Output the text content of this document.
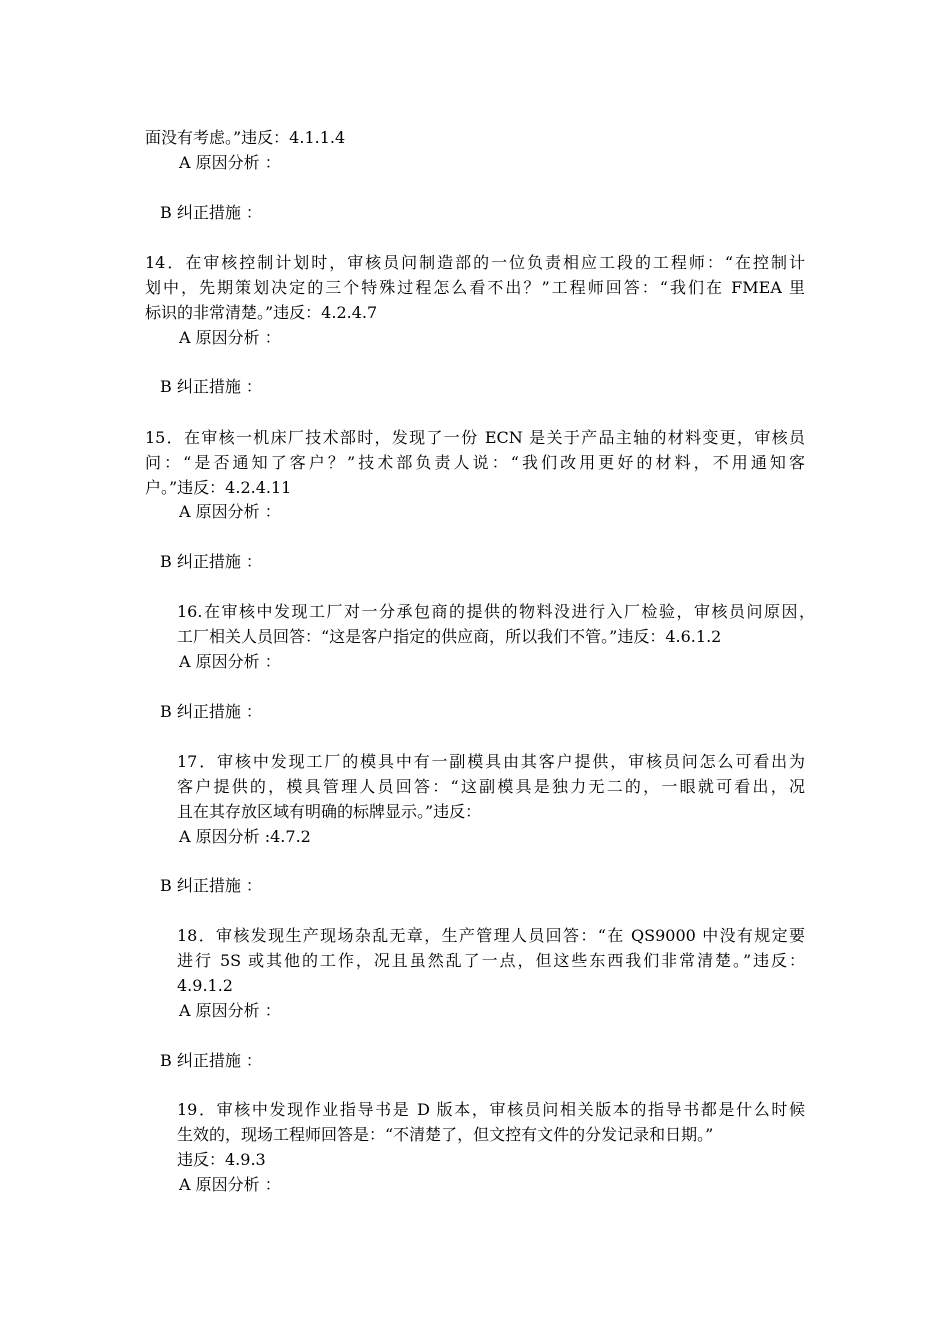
面没有考虑。”违反：4.1.1.4
A 原因分析 ：
B 纠正措施 ：
14．在审核控制计划时，审核员问制造部的一位负责相应工段的工程师：“在控制计
划中，先期策划决定的三个特殊过程怎么看不出？”工程师回答：“我们在 FMEA 里
标识的非常清楚。”违反：4.2.4.7
A 原因分析 ：
B 纠正措施 ：
15．在审核一机床厂技术部时，发现了一份 ECN 是关于产品主轴的材料变更，审核员
问：“是否通知了客户？”技术部负责人说：“我们改用更好的材料，不用通知客
户。”违反：4.2.4.11
A 原因分析 ：
B 纠正措施 ：
16.在审核中发现工厂对一分承包商的提供的物料没进行入厂检验，审核员问原因，
工厂相关人员回答：“这是客户指定的供应商，所以我们不管。”违反：4.6.1.2
A 原因分析 ：
B 纠正措施 ：
17．审核中发现工厂的模具中有一副模具由其客户提供，审核员问怎么可看出为
客户提供的，模具管理人员回答：“这副模具是独力无二的，一眼就可看出，况
且在其存放区域有明确的标牌显示。”违反：
A 原因分析 :4.7.2
B 纠正措施 ：
18．审核发现生产现场杂乱无章，生产管理人员回答：“在 QS9000 中没有规定要
进行 5S 或其他的工作，况且虽然乱了一点，但这些东西我们非常清楚。”违反：
4.9.1.2
A 原因分析 ：
B 纠正措施 ：
19．审核中发现作业指导书是 D 版本，审核员问相关版本的指导书都是什么时候
生效的，现场工程师回答是：“不清楚了，但文控有文件的分发记录和日期。”
违反：4.9.3
A 原因分析 ：
